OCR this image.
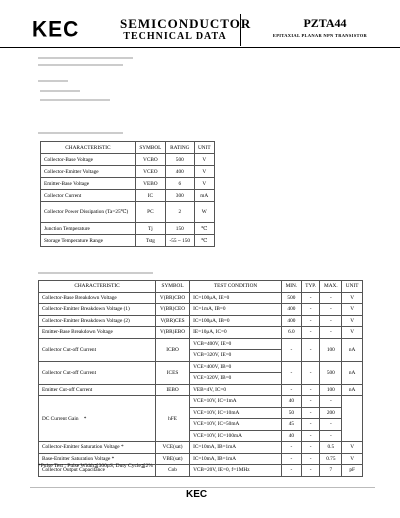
KEC	SEMICONDUCTOR
TECHNICAL DATA
PZTA44
EPITAXIAL PLANAR NPN TRANSISTOR
CHARACTERISTIC	SYMBOL	RATING	UNIT
Collector-Base Voltage	VCBO	500	V
Collector-Emitter Voltage	VCEO	400	V
Emitter-Base Voltage	VEBO	6	V
Collector Current	IC	300	mA
Collector Power Dissipation (Ta=25℃)	PC	2	W
Junction Temperature	Tj	150	℃
Storage Temperature Range	Tstg	-55 ~ 150	℃
CHARACTERISTIC	SYMBOL	TEST CONDITION	MIN.	TYP.	MAX.	UNIT
Collector-Base Breakdown Voltage	V(BR)CBO	IC=100μA, IE=0	500	-	-	V
Collector-Emitter Breakdown Voltage (1)	V(BR)CEO	IC=1mA, IB=0	400	-	-	V
Collector-Emitter Breakdown Voltage (2)	V(BR)CES	IC=100μA, IB=0	400	-	-	V
Emitter-Base Breakdown Voltage	V(BR)EBO	IE=10μA, IC=0	6.0	-	-	V
Collector Cut-off Current	ICBO	VCB=400V, IE=0	-	-	100	nA
		VCB=320V, IE=0				
Collector Cut-off Current	ICES	VCE=400V, IB=0	-	-	500	nA
		VCE=320V, IB=0				
Emitter Cut-off Current	IEBO	VEB=4V, IC=0	-	-	100	nA
DC Current Gain *	hFE	VCE=10V, IC=1mA	40	-	-	
		VCE=10V, IC=10mA	50	-	200	
		VCE=10V, IC=50mA	45	-	-	
		VCE=10V, IC=100mA	40	-	-	
Collector-Emitter Saturation Voltage *	VCE(sat)	IC=10mA, IB=1mA	-	-	0.5	V
Base-Emitter Saturation Voltage *	VBE(sat)	IC=10mA, IB=1mA	-	-	0.75	V
Collector Output Capacitance	Cob	VCB=20V, IE=0, f=1MHz	-	-	7	pF
*Pulse Test : Pulse Width≦300μS, Duty Cycle≦2%
KEC
